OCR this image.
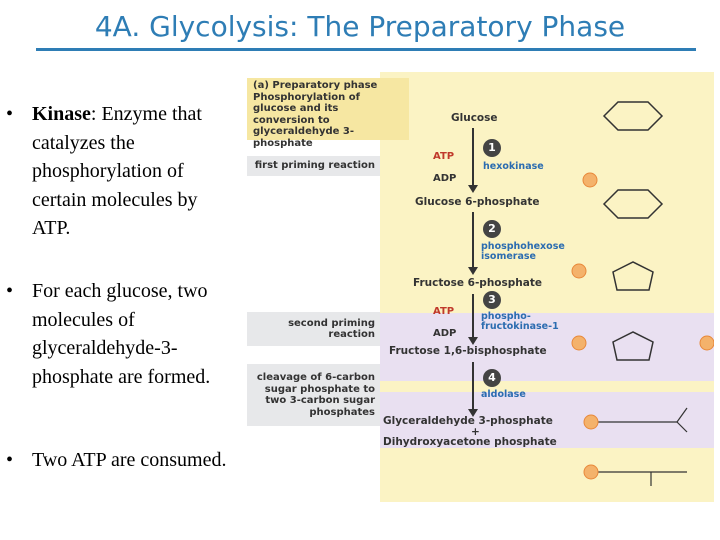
4A. Glycolysis: The Preparatory Phase
• Kinase: Enzyme that catalyzes the phosphorylation of certain molecules by ATP.
• For each glucose, two molecules of glyceraldehyde-3-phosphate are formed.
• Two ATP are consumed.
(a) Preparatory phase
Phosphorylation of glucose and its conversion to glyceraldehyde 3-phosphate
first priming reaction
second priming reaction
cleavage of 6-carbon sugar phosphate to two 3-carbon sugar phosphates
Glucose
Glucose 6-phosphate
Fructose 6-phosphate
Fructose 1,6-bisphosphate
Glyceraldehyde 3-phosphate
+
Dihydroxyacetone phosphate
1
2
3
4
hexokinase
phosphohexose
isomerase
phospho-
fructokinase-1
aldolase
ATP
ADP
ATP
ADP
